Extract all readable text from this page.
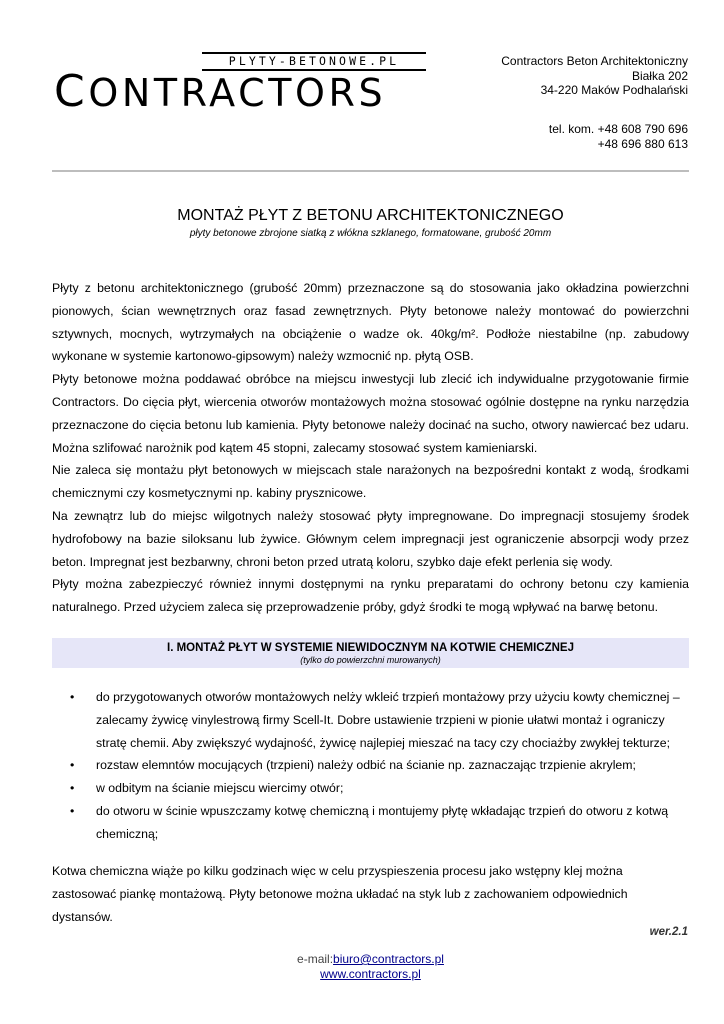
PLYTY-BETONOWE.PL
CONTRACTORS
Contractors Beton Architektoniczny
Białka 202
34-220 Maków Podhalański
tel. kom. +48 608 790 696
+48 696 880 613
MONTAŻ PŁYT Z BETONU ARCHITEKTONICZNEGO
płyty betonowe zbrojone siatką z włókna szklanego, formatowane, grubość 20mm

Płyty z betonu architektonicznego (grubość 20mm) przeznaczone są do stosowania jako okładzina powierzchni pionowych, ścian wewnętrznych oraz fasad zewnętrznych. Płyty betonowe należy montować do powierzchni sztywnych, mocnych, wytrzymałych na obciążenie o wadze ok. 40kg/m². Podłoże niestabilne (np. zabudowy wykonane w systemie kartonowo-gipsowym) należy wzmocnić np. płytą OSB.

Płyty betonowe można poddawać obróbce na miejscu inwestycji lub zlecić ich indywidualne przygotowanie firmie Contractors. Do cięcia płyt, wiercenia otworów montażowych można stosować ogólnie dostępne na rynku narzędzia przeznaczone do cięcia betonu lub kamienia. Płyty betonowe należy docinać na sucho, otwory nawiercać bez udaru. Można szlifować narożnik pod kątem 45 stopni, zalecamy stosować system kamieniarski.

Nie zaleca się montażu płyt betonowych w miejscach stale narażonych na bezpośredni kontakt z wodą, środkami chemicznymi czy kosmetycznymi np. kabiny prysznicowe.

Na zewnątrz lub do miejsc wilgotnych należy stosować płyty impregnowane. Do impregnacji stosujemy środek hydrofobowy na bazie siloksanu lub żywice. Głównym celem impregnacji jest ograniczenie absorpcji wody przez beton. Impregnat jest bezbarwny, chroni beton przed utratą koloru, szybko daje efekt perlenia się wody.

Płyty można zabezpieczyć również innymi dostępnymi na rynku preparatami do ochrony betonu czy kamienia naturalnego. Przed użyciem zaleca się przeprowadzenie próby, gdyż środki te mogą wpływać na barwę betonu.

I. MONTAŻ PŁYT W SYSTEMIE NIEWIDOCZNYM NA KOTWIE CHEMICZNEJ
(tylko do powierzchni murowanych)
• do przygotowanych otworów montażowych nelży wkleić trzpień montażowy przy użyciu kowty chemicznej – zalecamy żywicę vinylestrową firmy Scell-It. Dobre ustawienie trzpieni w pionie ułatwi montaż i ograniczy stratę chemii. Aby zwiększyć wydajność, żywicę najlepiej mieszać na tacy czy chociażby zwykłej tekturze;
• rozstaw elemntów mocujących (trzpieni) należy odbić na ścianie np. zaznaczając trzpienie akrylem;
• w odbitym na ścianie miejscu wiercimy otwór;
• do otworu w ścinie wpuszczamy kotwę chemiczną i montujemy płytę wkładając trzpień do otworu z kotwą chemiczną;
Kotwa chemiczna wiąże po kilku godzinach więc w celu przyspieszenia procesu jako wstępny klej można zastosować piankę montażową. Płyty betonowe można układać na styk lub z zachowaniem odpowiednich dystansów.
wer.2.1
e-mail:biuro@contractors.pl
www.contractors.pl
